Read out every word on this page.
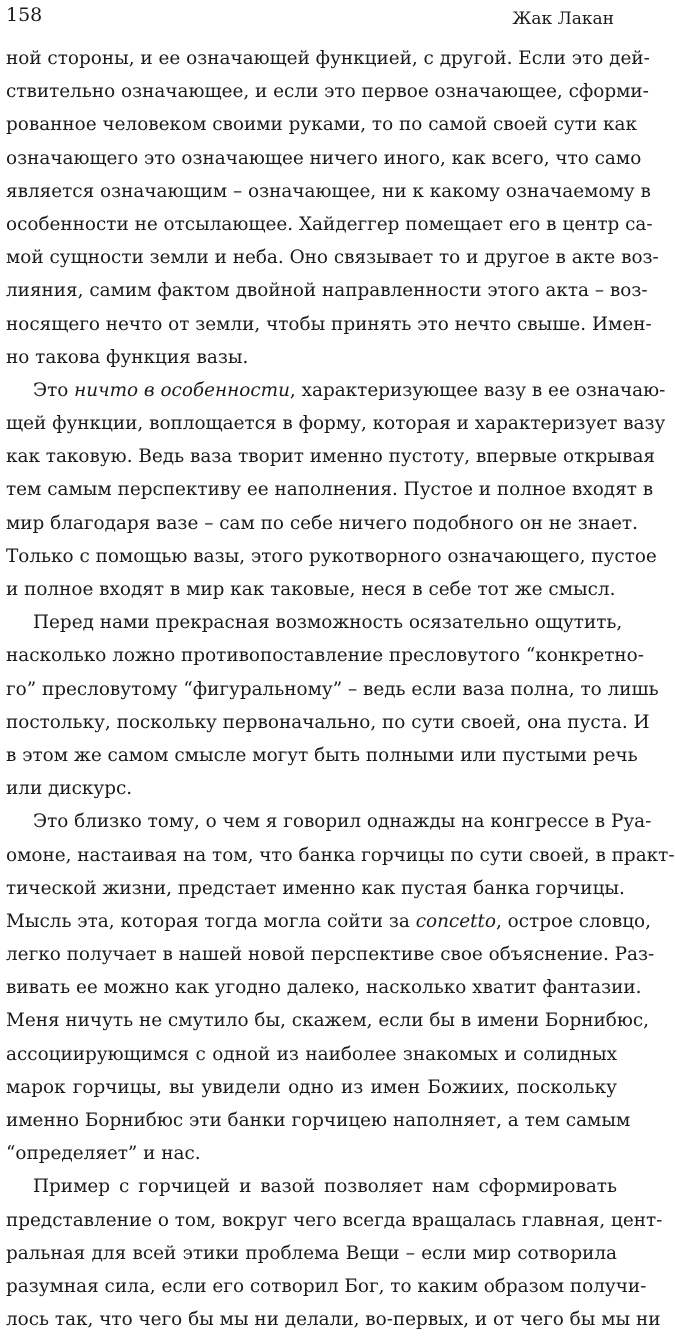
158	Жак Лакан
ной стороны, и ее означающей функцией, с другой. Если это дей-
ствительно означающее, и если это первое означающее, сформи-
рованное человеком своими руками, то по самой своей сути как
означающего это означающее ничего иного, как всего, что само
является означающим – означающее, ни к какому означаемому в
особенности не отсылающее. Хайдеггер помещает его в центр са-
мой сущности земли и неба. Оно связывает то и другое в акте воз-
лияния, самим фактом двойной направленности этого акта – воз-
носящего нечто от земли, чтобы принять это нечто свыше. Имен-
но такова функция вазы.
Это ничто в особенности, характеризующее вазу в ее означаю-
щей функции, воплощается в форму, которая и характеризует вазу
как таковую. Ведь ваза творит именно пустоту, впервые открывая
тем самым перспективу ее наполнения. Пустое и полное входят в
мир благодаря вазе – сам по себе ничего подобного он не знает.
Только с помощью вазы, этого рукотворного означающего, пустое
и полное входят в мир как таковые, неся в себе тот же смысл.
Перед нами прекрасная возможность осязательно ощутить,
насколько ложно противопоставление пресловутого “конкретно-
го” пресловутому “фигуральному” – ведь если ваза полна, то лишь
постольку, поскольку первоначально, по сути своей, она пуста. И
в этом же самом смысле могут быть полными или пустыми речь
или дискурс.
Это близко тому, о чем я говорил однажды на конгрессе в Руа-
омоне, настаивая на том, что банка горчицы по сути своей, в практ-
тической жизни, предстает именно как пустая банка горчицы.
Мысль эта, которая тогда могла сойти за concetto, острое словцо,
легко получает в нашей новой перспективе свое объяснение. Раз-
вивать ее можно как угодно далеко, насколько хватит фантазии.
Меня ничуть не смутило бы, скажем, если бы в имени Борнибюс,
ассоциирующимся с одной из наиболее знакомых и солидных
марок горчицы, вы увидели одно из имен Божиих, поскольку
именно Борнибюс эти банки горчицею наполняет, а тем самым
“определяет” и нас.
Пример с горчицей и вазой позволяет нам сформировать
представление о том, вокруг чего всегда вращалась главная, цент-
ральная для всей этики проблема Вещи – если мир сотворила
разумная сила, если его сотворил Бог, то каким образом получи-
лось так, что чего бы мы ни делали, во-первых, и от чего бы мы ни
